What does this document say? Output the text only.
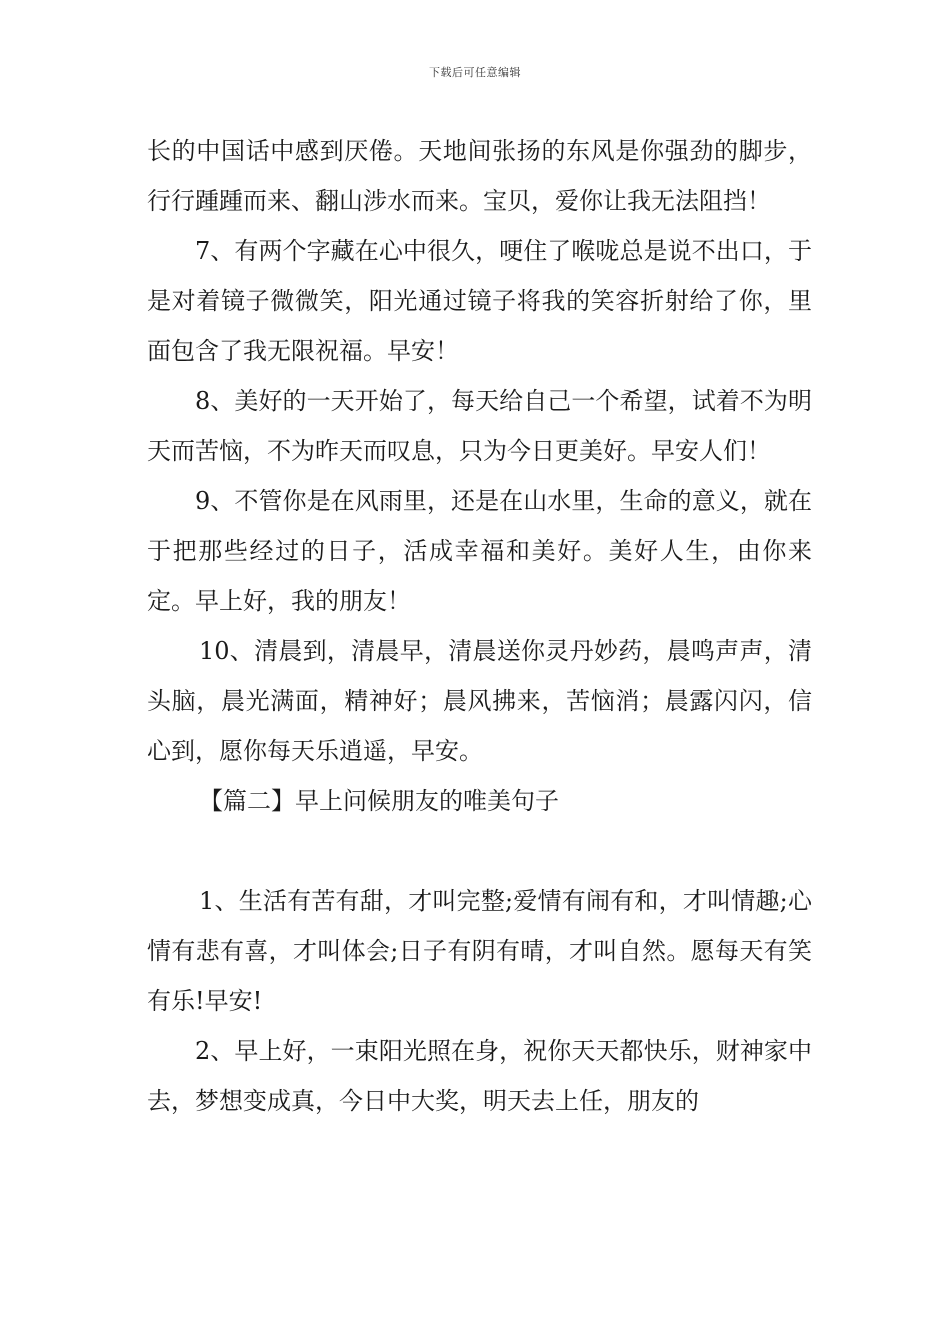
下载后可任意编辑

长的中国话中感到厌倦。天地间张扬的东风是你强劲的脚步，行行踵踵而来、翻山涉水而来。宝贝，爱你让我无法阻挡！

7、有两个字藏在心中很久，哽住了喉咙总是说不出口，于是对着镜子微微笑，阳光通过镜子将我的笑容折射给了你，里面包含了我无限祝福。早安！

8、美好的一天开始了，每天给自己一个希望，试着不为明天而苦恼，不为昨天而叹息，只为今日更美好。早安人们！

9、不管你是在风雨里，还是在山水里，生命的意义，就在于把那些经过的日子，活成幸福和美好。美好人生，由你来定。早上好，我的朋友！

10、清晨到，清晨早，清晨送你灵丹妙药，晨鸣声声，清头脑，晨光满面，精神好；晨风拂来，苦恼消；晨露闪闪，信心到，愿你每天乐逍遥，早安。

【篇二】早上问候朋友的唯美句子

1、生活有苦有甜，才叫完整;爱情有闹有和，才叫情趣;心情有悲有喜，才叫体会;日子有阴有晴，才叫自然。愿每天有笑有乐!早安!

2、早上好，一束阳光照在身，祝你天天都快乐，财神家中去，梦想变成真，今日中大奖，明天去上任，朋友的
